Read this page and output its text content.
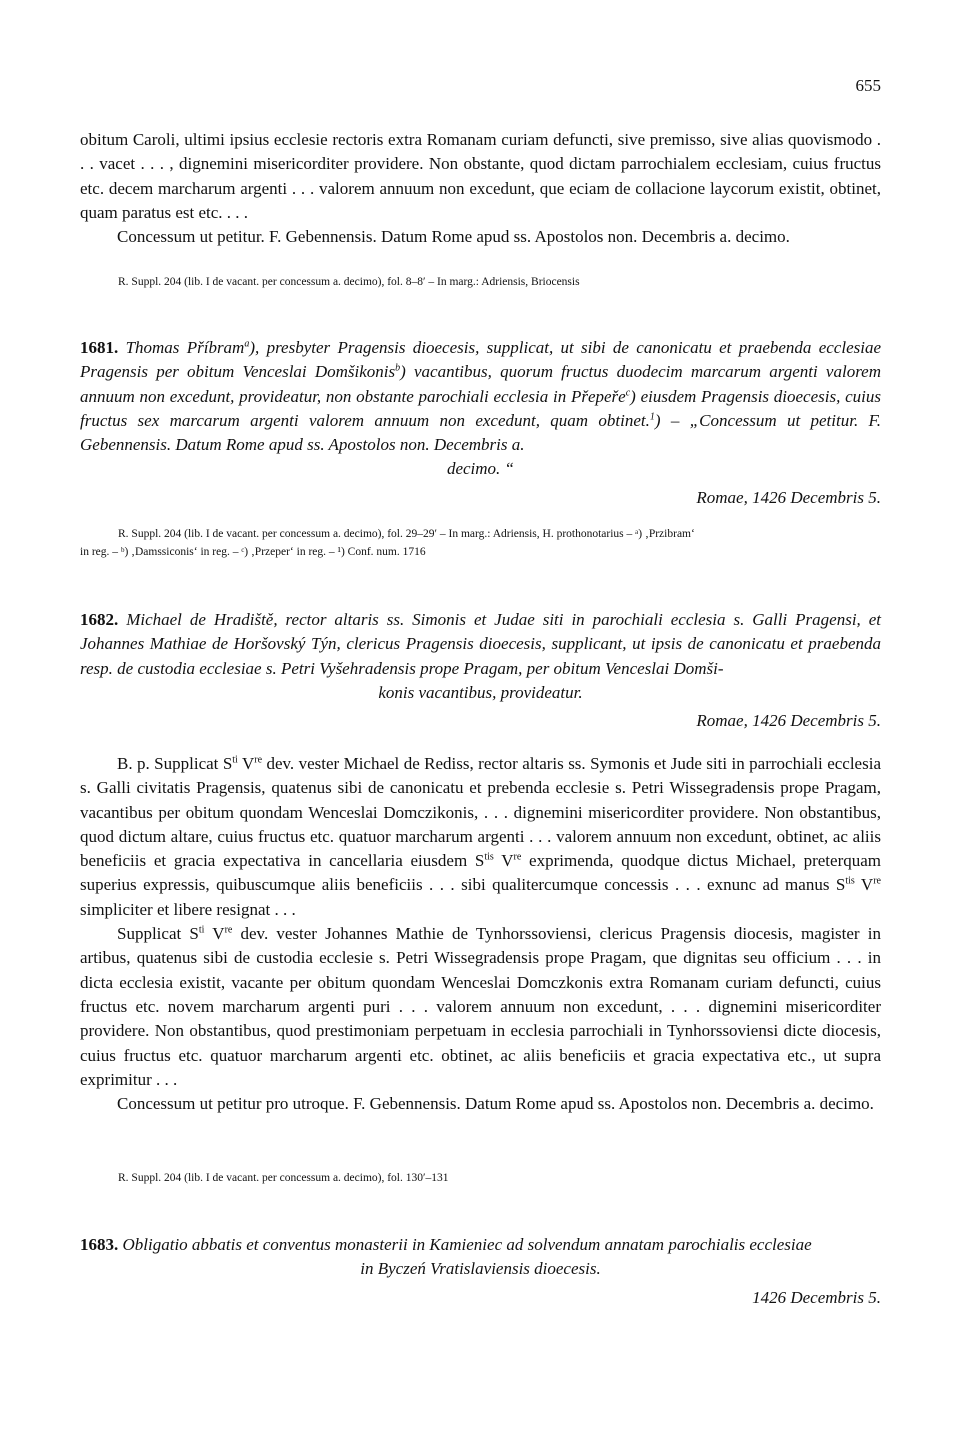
655

obitum Caroli, ultimi ipsius ecclesie rectoris extra Romanam curiam defuncti, sive premisso, sive alias quovismodo . . . vacet . . . , dignemini misericorditer providere. Non obstante, quod dictam parrochialem ecclesiam, cuius fructus etc. decem marcharum argenti . . . valorem annuum non excedunt, que eciam de collacione laycorum existit, obtinet, quam paratus est etc. . . .

Concessum ut petitur. F. Gebennensis. Datum Rome apud ss. Apostolos non. Decembris a. decimo.

R. Suppl. 204 (lib. I de vacant. per concessum a. decimo), fol. 8–8′ – In marg.: Adriensis, Briocensis

1681. Thomas Příbram$^a$), presbyter Pragensis dioecesis, supplicat, ut sibi de canonicatu et praebenda ecclesiae Pragensis per obitum Venceslai Domšikonis$^b$) vacantibus, quorum fructus duodecim marcarum argenti valorem annuum non excedunt, provideatur, non obstante parochiali ecclesia in Přepeře$^c$) eiusdem Pragensis dioecesis, cuius fructus sex marcarum argenti valorem annuum non excedunt, quam obtinet.$^1$) – „Concessum ut petitur. F. Gebennensis. Datum Rome apud ss. Apostolos non. Decembris a.

decimo. “

Romae, 1426 Decembris 5.

R. Suppl. 204 (lib. I de vacant. per concessum a. decimo), fol. 29–29′ – In marg.: Adriensis, H. prothonotarius – ᵃ) ‚Przibram‘

in reg. – ᵇ) ‚Damssiconis‘ in reg. – ᶜ) ‚Przeper‘ in reg. – ¹) Conf. num. 1716

1682. Michael de Hradiště, rector altaris ss. Simonis et Judae siti in parochiali ecclesia s. Galli Pragensi, et Johannes Mathiae de Horšovský Týn, clericus Pragensis dioecesis, supplicant, ut ipsis de canonicatu et praebenda resp. de custodia ecclesiae s. Petri Vyšehradensis prope Pragam, per obitum Venceslai Domši-

konis vacantibus, provideatur.

Romae, 1426 Decembris 5.

B. p. Supplicat $S^{ti}$ Vre dev. vester Michael de Rediss, rector altaris ss. Symonis et Jude siti in parrochiali ecclesia s. Galli civitatis Pragensis, quatenus sibi de canonicatu et prebenda ecclesie s. Petri Wissegradensis prope Pragam, vacantibus per obitum quondam Wenceslai Domczikonis, . . . dignemini misericorditer providere. Non obstantibus, quod dictum altare, cuius fructus etc. quatuor marcharum argenti . . . valorem annuum non excedunt, obtinet, ac aliis beneficiis et gracia expectativa in cancellaria eiusdem $S^{tis}$ Vre exprimenda, quodque dictus Michael, preterquam superius expressis, quibuscumque aliis beneficiis . . . sibi qualitercumque concessis . . . exnunc ad manus $S^{tis}$ Vre simpliciter et libere resignat . . .

Supplicat $S^{ti}$ Vre dev. vester Johannes Mathie de Tynhorssoviensi, clericus Pragensis diocesis, magister in artibus, quatenus sibi de custodia ecclesie s. Petri Wissegradensis prope Pragam, que dignitas seu officium . . . in dicta ecclesia existit, vacante per obitum quondam Wenceslai Domczkonis extra Romanam curiam defuncti, cuius fructus etc. novem marcharum argenti puri . . . valorem annuum non excedunt, . . . dignemini misericorditer providere. Non obstantibus, quod prestimoniam perpetuam in ecclesia parrochiali in Tynhorssoviensi dicte diocesis, cuius fructus etc. quatuor marcharum argenti etc. obtinet, ac aliis beneficiis et gracia expectativa etc., ut supra exprimitur . . .

Concessum ut petitur pro utroque. F. Gebennensis. Datum Rome apud ss. Apostolos non. Decembris a. decimo.

R. Suppl. 204 (lib. I de vacant. per concessum a. decimo), fol. 130′–131

1683. Obligatio abbatis et conventus monasterii in Kamieniec ad solvendum annatam parochialis ecclesiae

in Byczeń Vratislaviensis dioecesis.

1426 Decembris 5.
